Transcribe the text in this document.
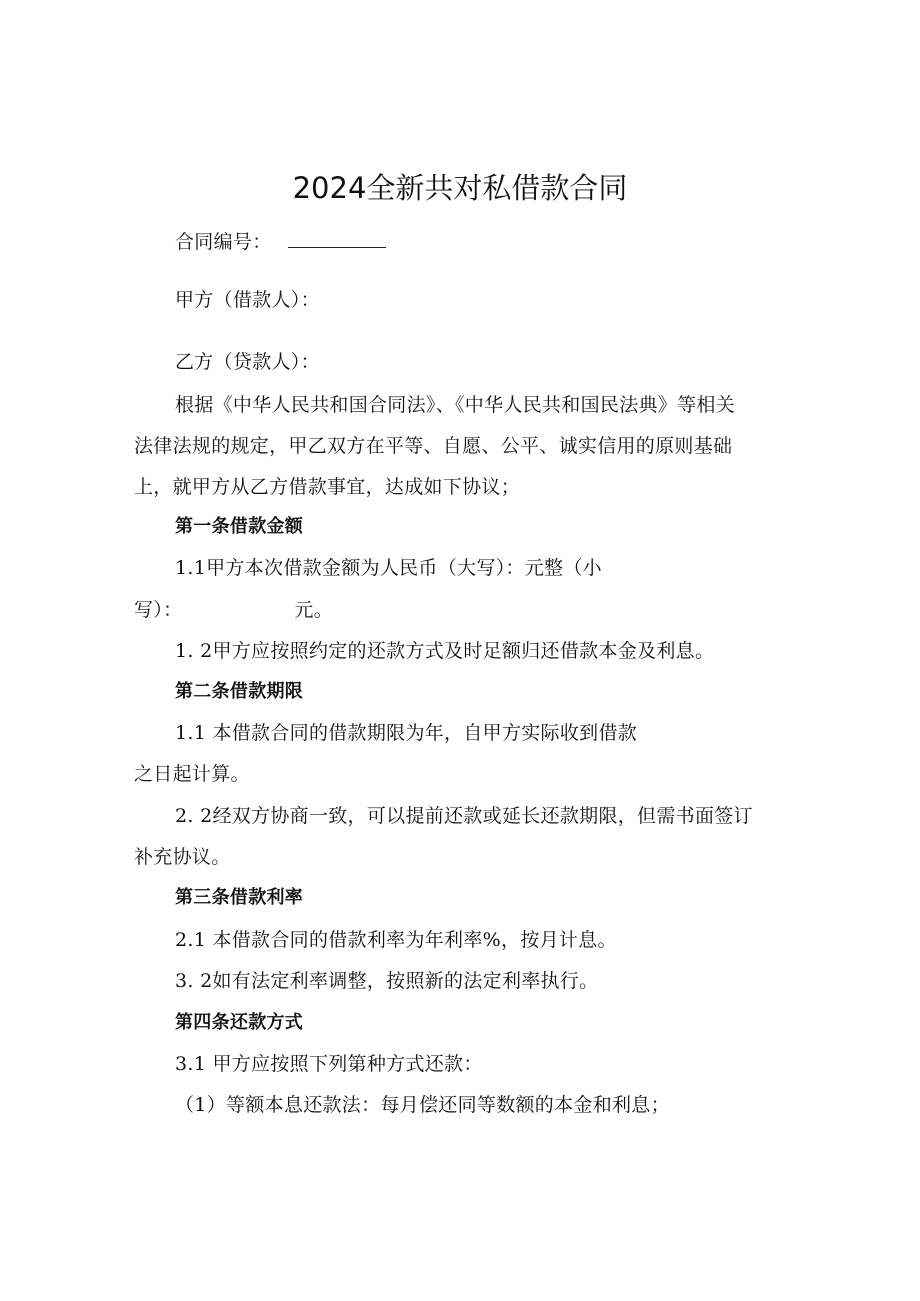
2024全新共对私借款合同
合同编号：
甲方（借款人）：
乙方（贷款人）：
根据《中华人民共和国合同法》、《中华人民共和国民法典》等相关
法律法规的规定，甲乙双方在平等、自愿、公平、诚实信用的原则基础
上，就甲方从乙方借款事宜，达成如下协议；
第一条借款金额
1.1甲方本次借款金额为人民币（大写）：元整（小
写）：	元。
1. 2甲方应按照约定的还款方式及时足额归还借款本金及利息。
第二条借款期限
1.1 本借款合同的借款期限为年，自甲方实际收到借款
之日起计算。
2. 2经双方协商一致，可以提前还款或延长还款期限，但需书面签订
补充协议。
第三条借款利率
2.1 本借款合同的借款利率为年利率%，按月计息。
3. 2如有法定利率调整，按照新的法定利率执行。
第四条还款方式
3.1 甲方应按照下列第种方式还款：
（1）等额本息还款法：每月偿还同等数额的本金和利息；
